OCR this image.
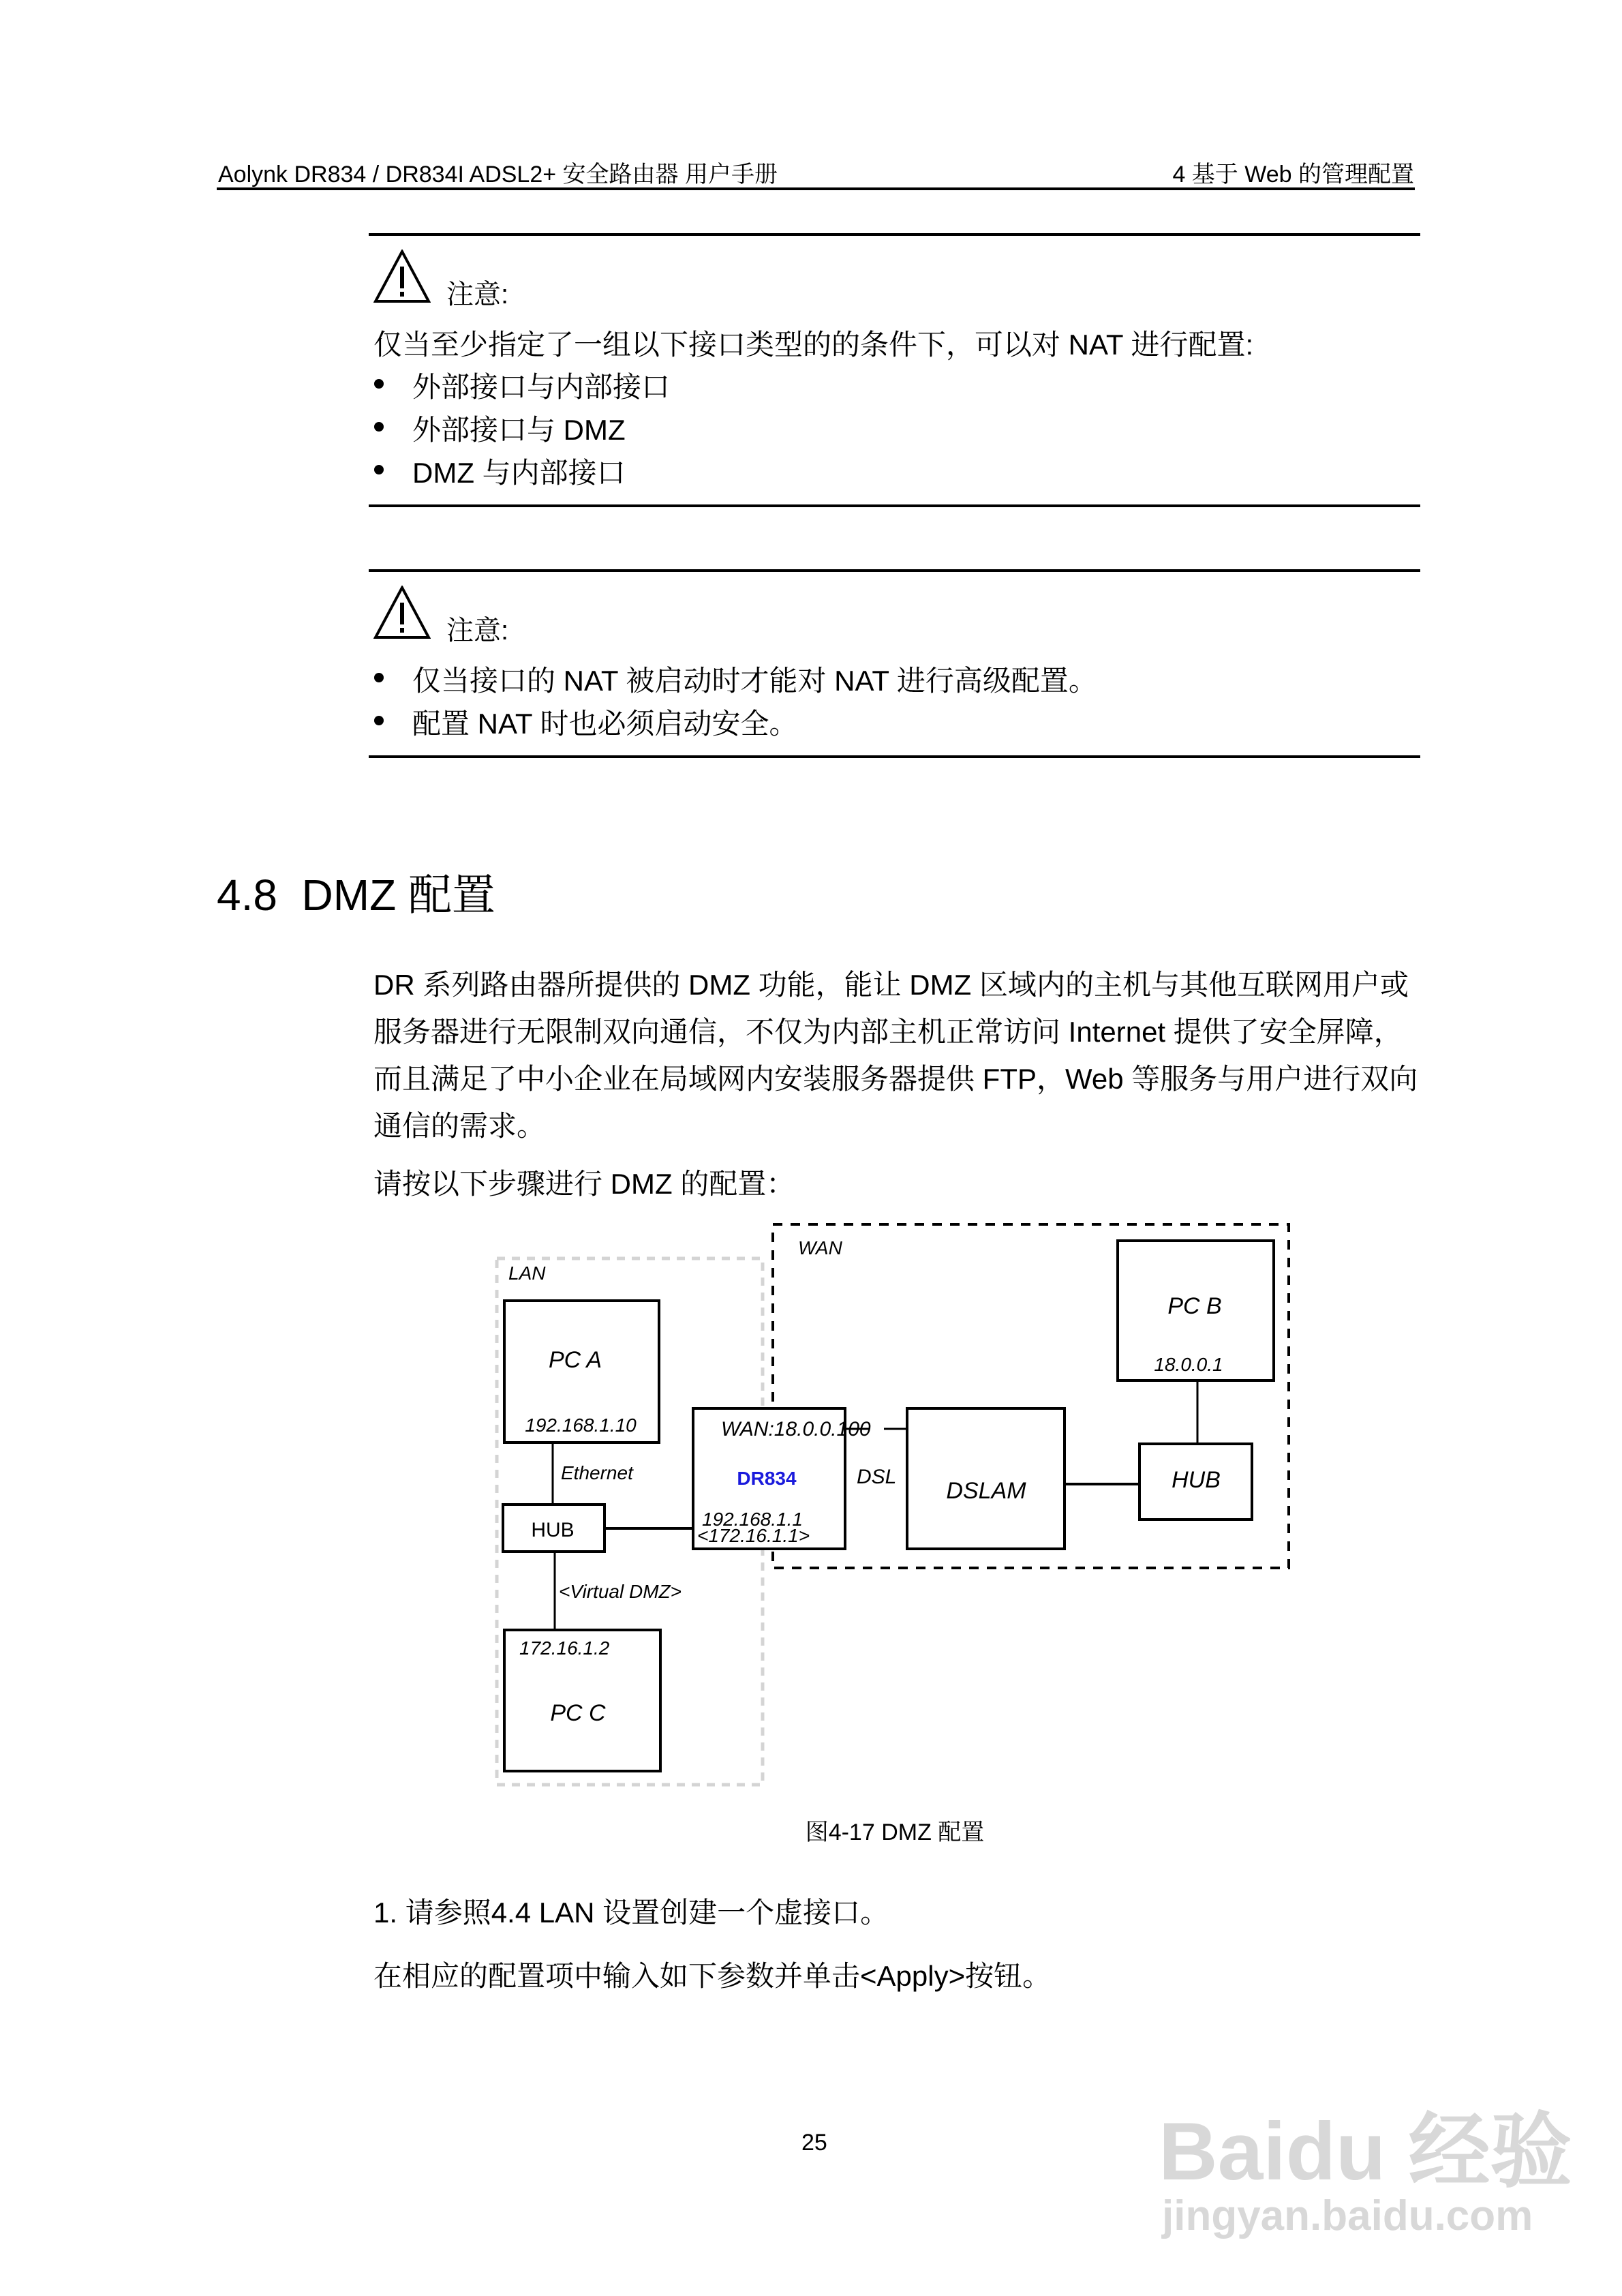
Aolynk DR834 / DR834I ADSL2+ 安全路由器 用户手册	4 基于 Web 的管理配置
注意:
仅当至少指定了一组以下接口类型的的条件下，可以对 NAT 进行配置:
外部接口与内部接口
外部接口与 DMZ
DMZ 与内部接口
注意:
仅当接口的 NAT 被启动时才能对 NAT 进行高级配置。
配置 NAT 时也必须启动安全。
4.8 DMZ 配置
DR 系列路由器所提供的 DMZ 功能，能让 DMZ 区域内的主机与其他互联网用户或
服务器进行无限制双向通信，不仅为内部主机正常访问 Internet 提供了安全屏障，
而且满足了中小企业在局域网内安装服务器提供 FTP，Web 等服务与用户进行双向
通信的需求。
请按以下步骤进行 DMZ 的配置：
LAN
WAN
PC A
192.168.1.10
Ethernet
HUB
<Virtual DMZ>
172.16.1.2
PC C
WAN:18.0.0.100
DR834
192.168.1.1
<172.16.1.1>
DSL
DSLAM	HUB
PC B
18.0.0.1
图4-17 DMZ 配置
1. 请参照4.4 LAN 设置创建一个虚接口。
在相应的配置项中输入如下参数并单击<Apply>按钮。
25	Baidu 经验
jingyan.baidu.com
